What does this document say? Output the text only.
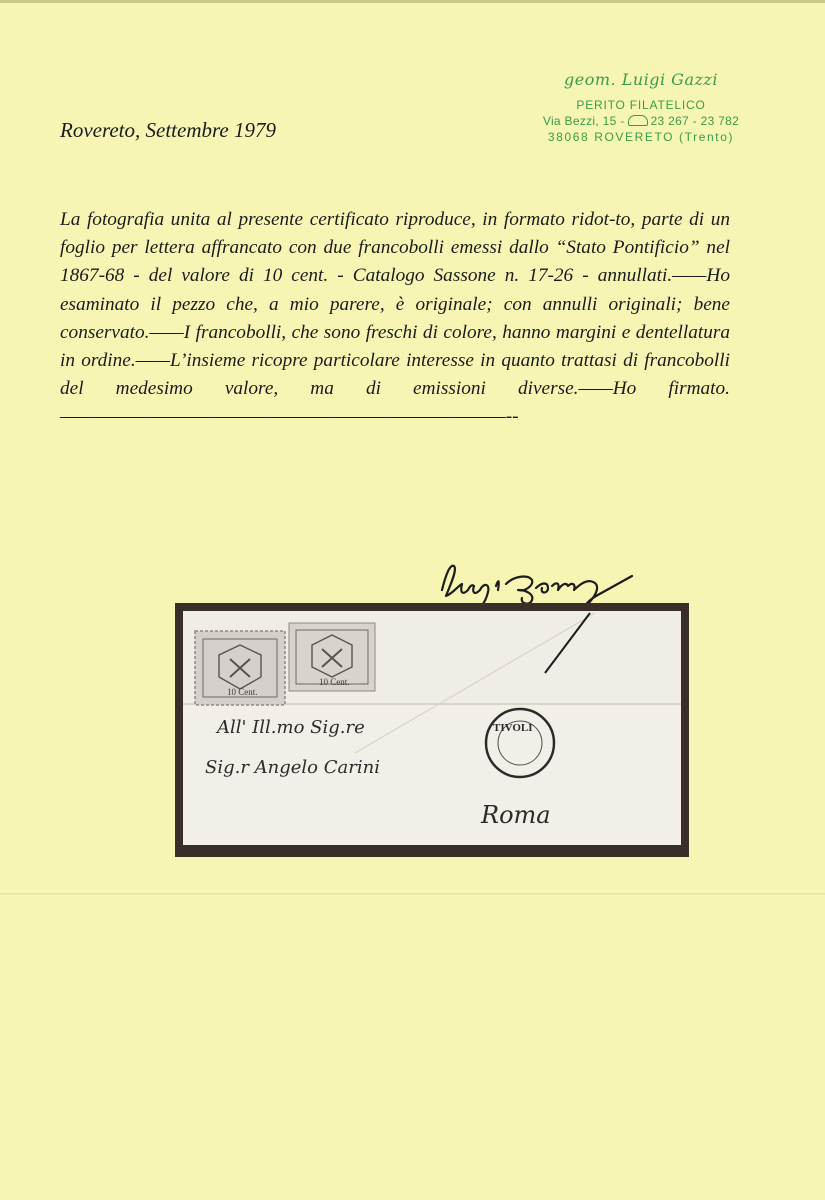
Rovereto, Settembre 1979
geom. Luigi Gazzi
PERITO FILATELICO
Via Bezzi, 15 - 23 267 - 23 782
38068 ROVERETO (Trento)

La fotografia unita al presente certificato riproduce, in formato ridot-to, parte di un foglio per lettera affrancato con due francobolli emessi dallo “Stato Pontificio” nel 1867-68 - del valore di 10 cent. - Catalogo Sassone n. 17-26 - annullati.——Ho esaminato il pezzo che, a mio parere, è originale; con annulli originali; bene conservato.——I francobolli, che sono freschi di colore, hanno margini e dentellatura in ordine.——L’insieme ricopre particolare interesse in quanto trattasi di francobolli del medesimo valore, ma di emissioni diverse.——Ho firmato.——————————————————————————--

10 Cent.
10 Cent.
TIVOLI
All' Ill.mo Sig.re
Sig.r Angelo Carini
Roma
